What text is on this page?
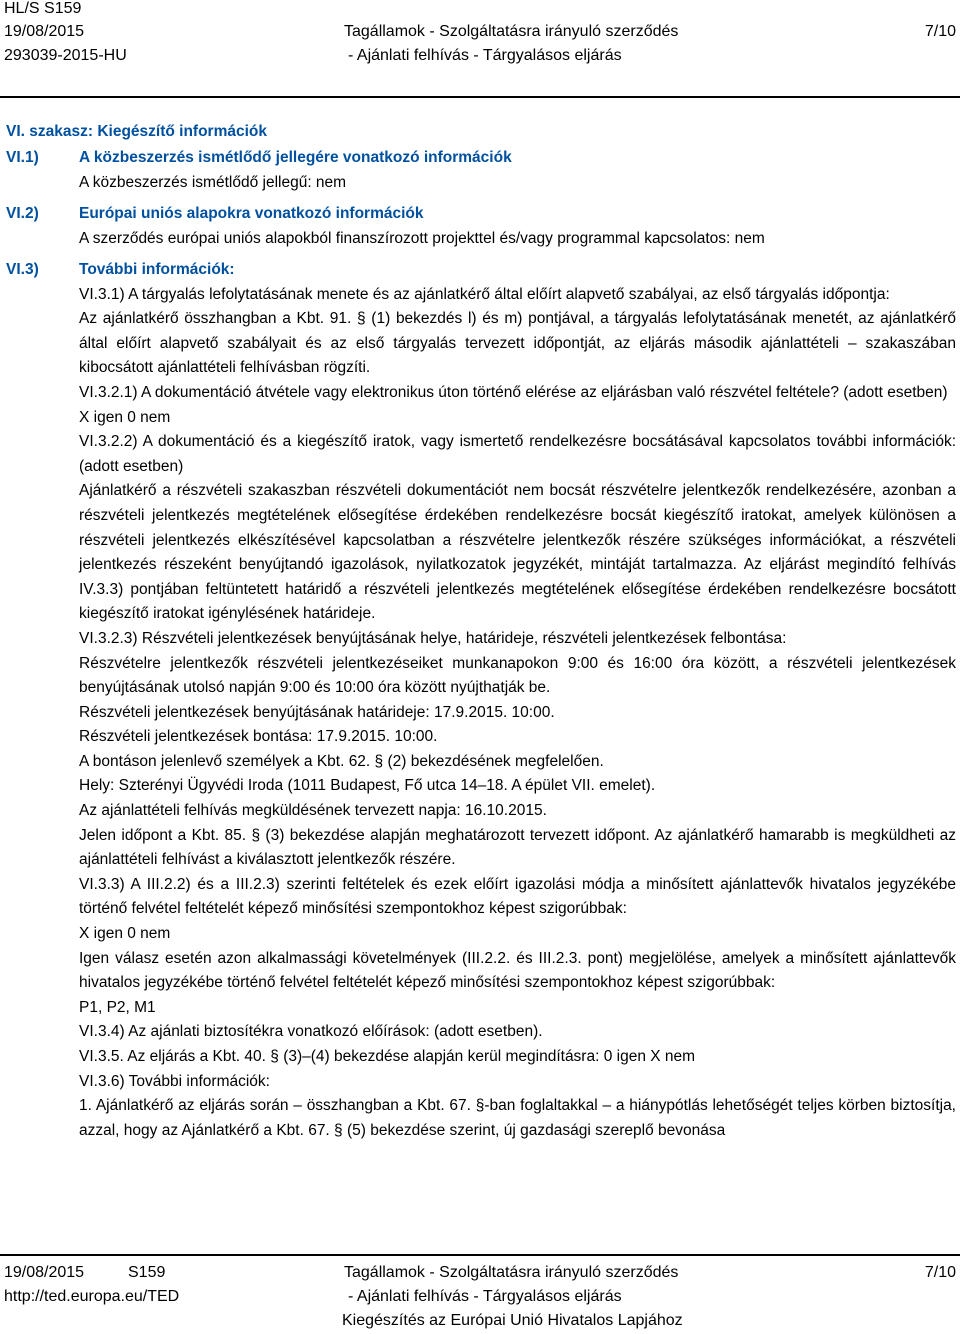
HL/S S159
19/08/2015
293039-2015-HU
Tagállamok - Szolgáltatásra irányuló szerződés
- Ajánlati felhívás - Tárgyalásos eljárás
7/10
VI. szakasz: Kiegészítő információk
VI.1)	A közbeszerzés ismétlődő jellegére vonatkozó információk

A közbeszerzés ismétlődő jellegű: nem

VI.2)	Európai uniós alapokra vonatkozó információk

A szerződés európai uniós alapokból finanszírozott projekttel és/vagy programmal kapcsolatos: nem

VI.3)	További információk:

VI.3.1) A tárgyalás lefolytatásának menete és az ajánlatkérő által előírt alapvető szabályai, az első tárgyalás időpontja:

Az ajánlatkérő összhangban a Kbt. 91. § (1) bekezdés l) és m) pontjával, a tárgyalás lefolytatásának menetét, az ajánlatkérő által előírt alapvető szabályait és az első tárgyalás tervezett időpontját, az eljárás második ajánlattételi – szakaszában kibocsátott ajánlattételi felhívásban rögzíti.

VI.3.2.1) A dokumentáció átvétele vagy elektronikus úton történő elérése az eljárásban való részvétel feltétele? (adott esetben)

X igen 0 nem

VI.3.2.2) A dokumentáció és a kiegészítő iratok, vagy ismertető rendelkezésre bocsátásával kapcsolatos további információk: (adott esetben)

Ajánlatkérő a részvételi szakaszban részvételi dokumentációt nem bocsát részvételre jelentkezők rendelkezésére, azonban a részvételi jelentkezés megtételének elősegítése érdekében rendelkezésre bocsát kiegészítő iratokat, amelyek különösen a részvételi jelentkezés elkészítésével kapcsolatban a részvételre jelentkezők részére szükséges információkat, a részvételi jelentkezés részeként benyújtandó igazolások, nyilatkozatok jegyzékét, mintáját tartalmazza. Az eljárást megindító felhívás IV.3.3) pontjában feltüntetett határidő a részvételi jelentkezés megtételének elősegítése érdekében rendelkezésre bocsátott kiegészítő iratokat igénylésének határideje.

VI.3.2.3) Részvételi jelentkezések benyújtásának helye, határideje, részvételi jelentkezések felbontása:

Részvételre jelentkezők részvételi jelentkezéseiket munkanapokon 9:00 és 16:00 óra között, a részvételi jelentkezések benyújtásának utolsó napján 9:00 és 10:00 óra között nyújthatják be.

Részvételi jelentkezések benyújtásának határideje: 17.9.2015. 10:00.

Részvételi jelentkezések bontása: 17.9.2015. 10:00.

A bontáson jelenlevő személyek a Kbt. 62. § (2) bekezdésének megfelelően.

Hely: Szterényi Ügyvédi Iroda (1011 Budapest, Fő utca 14–18. A épület VII. emelet).

Az ajánlattételi felhívás megküldésének tervezett napja: 16.10.2015.

Jelen időpont a Kbt. 85. § (3) bekezdése alapján meghatározott tervezett időpont. Az ajánlatkérő hamarabb is megküldheti az ajánlattételi felhívást a kiválasztott jelentkezők részére.

VI.3.3) A III.2.2) és a III.2.3) szerinti feltételek és ezek előírt igazolási módja a minősített ajánlattevők hivatalos jegyzékébe történő felvétel feltételét képező minősítési szempontokhoz képest szigorúbbak:

X igen 0 nem

Igen válasz esetén azon alkalmassági követelmények (III.2.2. és III.2.3. pont) megjelölése, amelyek a minősített ajánlattevők hivatalos jegyzékébe történő felvétel feltételét képező minősítési szempontokhoz képest szigorúbbak:

P1, P2, M1

VI.3.4) Az ajánlati biztosítékra vonatkozó előírások: (adott esetben).

VI.3.5. Az eljárás a Kbt. 40. § (3)–(4) bekezdése alapján kerül megindításra: 0 igen X nem

VI.3.6) További információk:

1. Ajánlatkérő az eljárás során – összhangban a Kbt. 67. §-ban foglaltakkal – a hiánypótlás lehetőségét teljes körben biztosítja, azzal, hogy az Ajánlatkérő a Kbt. 67. § (5) bekezdése szerint, új gazdasági szereplő bevonása

19/08/2015	S159
http://ted.europa.eu/TED
Tagállamok - Szolgáltatásra irányuló szerződés
- Ajánlati felhívás - Tárgyalásos eljárás
Kiegészítés az Európai Unió Hivatalos Lapjához
7/10
